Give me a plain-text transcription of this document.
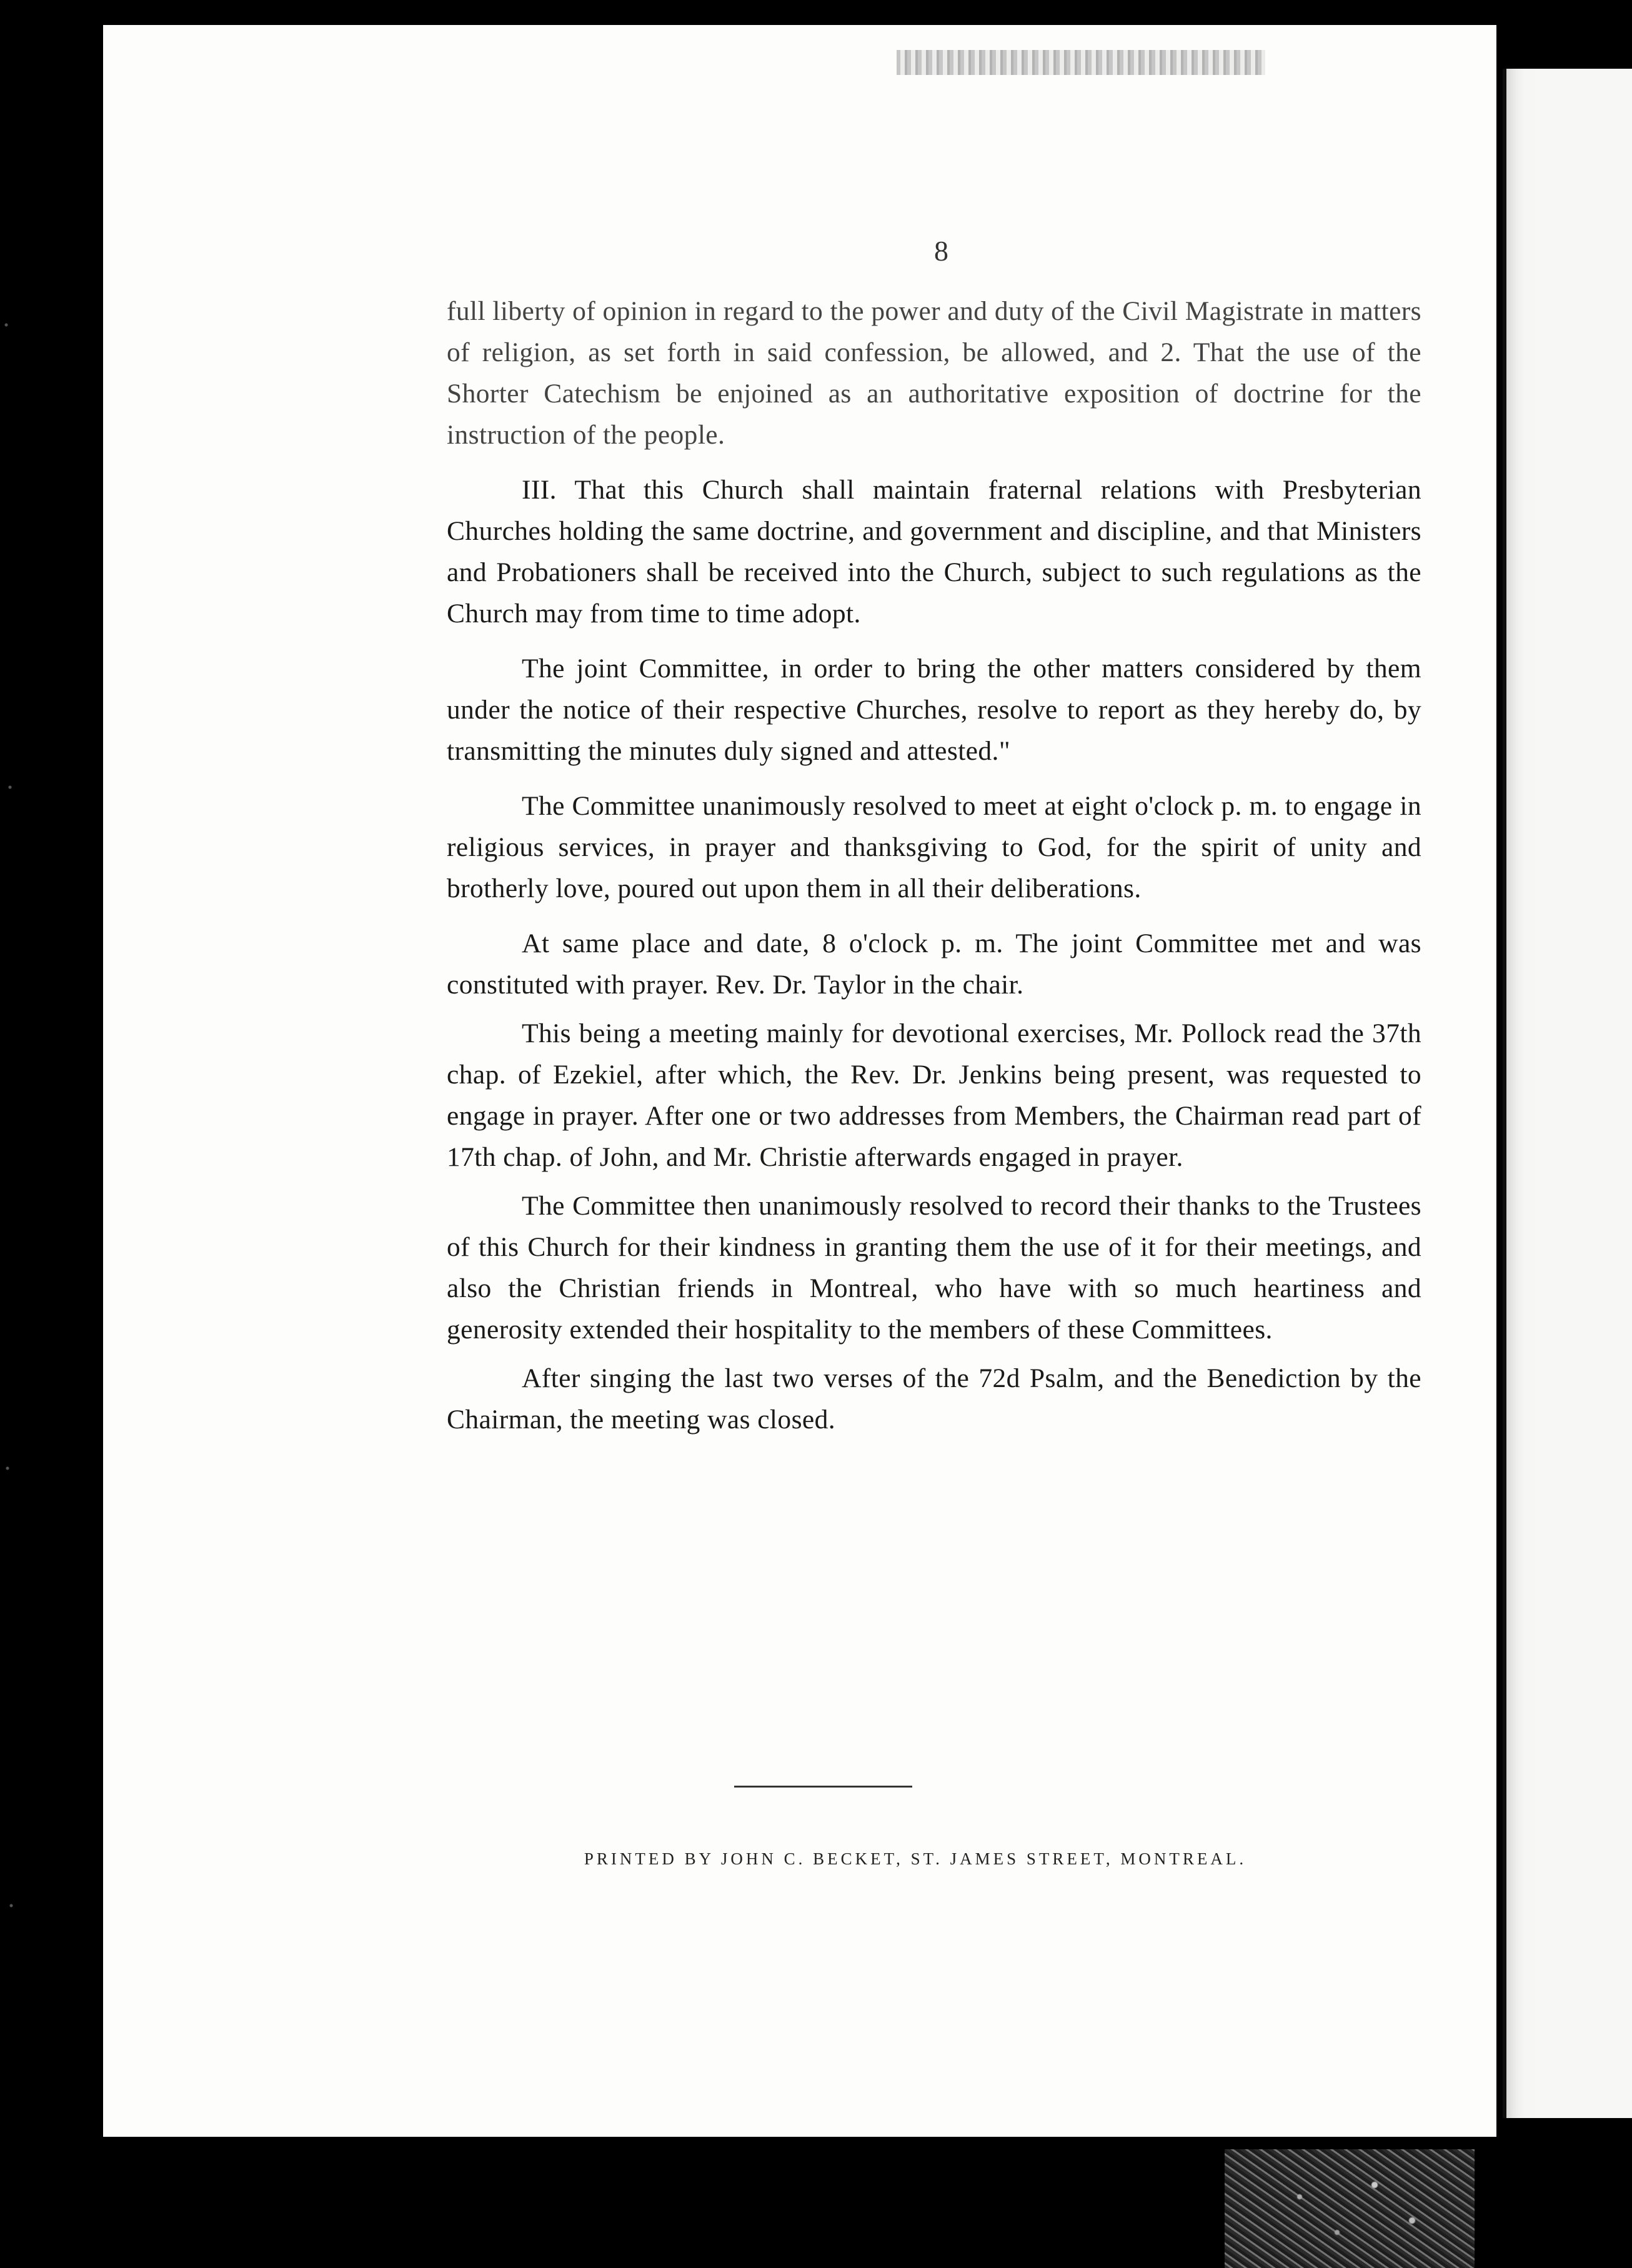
8

full liberty of opinion in regard to the power and duty of the Civil Magistrate in matters of religion, as set forth in said confession, be allowed, and 2. That the use of the Shorter Catechism be enjoined as an authoritative exposition of doctrine for the instruction of the people.

III. That this Church shall maintain fraternal relations with Presbyterian Churches holding the same doctrine, and government and discipline, and that Ministers and Probationers shall be received into the Church, subject to such regulations as the Church may from time to time adopt.

The joint Committee, in order to bring the other matters considered by them under the notice of their respective Churches, resolve to report as they hereby do, by transmitting the minutes duly signed and attested."

The Committee unanimously resolved to meet at eight o'clock p. m. to engage in religious services, in prayer and thanksgiving to God, for the spirit of unity and brotherly love, poured out upon them in all their deliberations.

At same place and date, 8 o'clock p. m. The joint Committee met and was constituted with prayer. Rev. Dr. Taylor in the chair.

This being a meeting mainly for devotional exercises, Mr. Pollock read the 37th chap. of Ezekiel, after which, the Rev. Dr. Jenkins being present, was requested to engage in prayer. After one or two addresses from Members, the Chairman read part of 17th chap. of John, and Mr. Christie afterwards engaged in prayer.

The Committee then unanimously resolved to record their thanks to the Trustees of this Church for their kindness in granting them the use of it for their meetings, and also the Christian friends in Montreal, who have with so much heartiness and generosity extended their hospitality to the members of these Committees.

After singing the last two verses of the 72d Psalm, and the Benediction by the Chairman, the meeting was closed.

PRINTED BY JOHN C. BECKET, ST. JAMES STREET, MONTREAL.
